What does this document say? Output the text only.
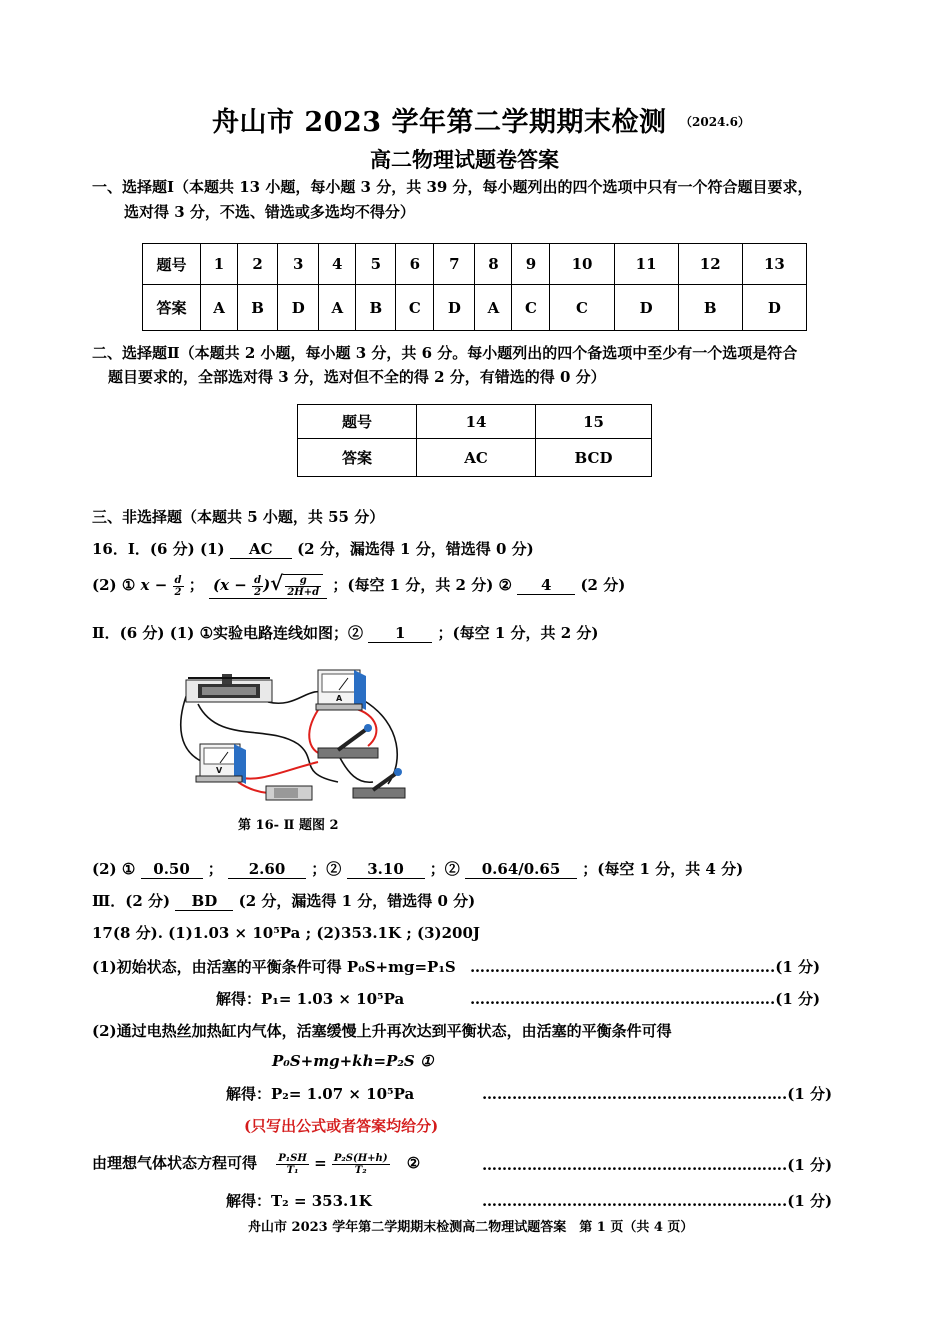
舟山市 2023 学年第二学期期末检测 （2024.6）
高二物理试题卷答案
一、选择题Ⅰ（本题共 13 小题，每小题 3 分，共 39 分，每小题列出的四个选项中只有一个符合题目要求，
选对得 3 分，不选、错选或多选均不得分）
题号	1	2	3	4	5	6	7	8	9	10	11	12	13
答案	A	B	D	A	B	C	D	A	C	C	D	B	D
二、选择题Ⅱ（本题共 2 小题，每小题 3 分，共 6 分。每小题列出的四个备选项中至少有一个选项是符合
题目要求的，全部选对得 3 分，选对但不全的得 2 分，有错选的得 0 分）
题号	14	15
答案	AC	BCD
三、非选择题（本题共 5 小题，共 55 分）
16．Ⅰ．(6 分) (1) AC (2 分，漏选得 1 分，错选得 0 分)
(2) ① $x - \frac{d}{2}$ ； ($x - \frac{d}{2}$ )√ $\frac{g}{2H+d}$ ；(每空 1 分，共 2 分) ② 4 (2 分)
Ⅱ．(6 分) (1) ①实验电路连线如图；② 1 ；(每空 1 分，共 2 分)
A
V
第 16- Ⅱ 题图 2
(2) ① 0.50 ； 2.60 ；② 3.10 ；② 0.64/0.65 ；(每空 1 分，共 4 分)
Ⅲ．(2 分) BD (2 分，漏选得 1 分，错选得 0 分)
17(8 分). (1)1.03 × 10⁵Pa ; (2)353.1K ; (3)200J
(1)初始状态，由活塞的平衡条件可得 P₀S+mg=P₁S …………………………………………………….(1 分)
解得：P₁= 1.03 × 10⁵Pa	…………………………………………………….(1 分)
(2)通过电热丝加热缸内气体，活塞缓慢上升再次达到平衡状态，由活塞的平衡条件可得
P₀S+mg+kh=P₂S ①
解得：P₂= 1.07 × 10⁵Pa	…………………………………………………….(1 分)
(只写出公式或者答案均给分)
由理想气体状态方程可得 $\frac{\text{P₁SH}}{\text{T₁}} = \frac{\text{P₂S(H+h)}}{\text{T₂}}$ ②	…………………………………………………….(1 分)
解得：T₂ = 353.1K	…………………………………………………….(1 分)
舟山市 2023 学年第二学期期末检测高二物理试题答案　第 1 页（共 4 页）
